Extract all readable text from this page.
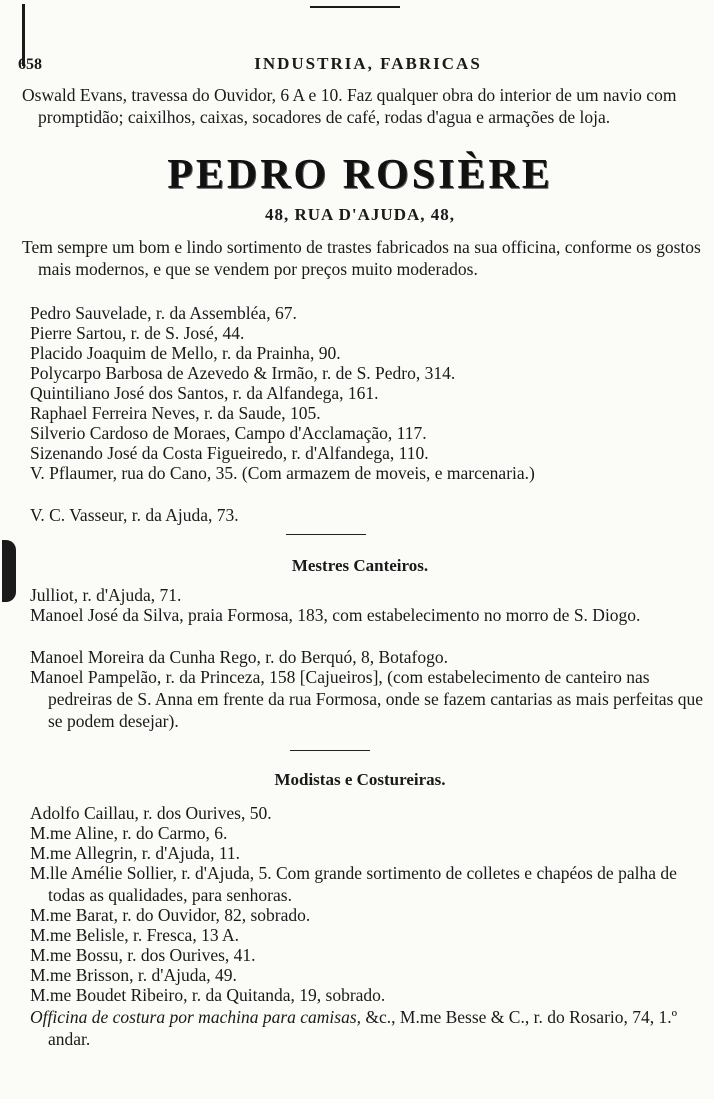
658	INDUSTRIA, FABRICAS
Oswald Evans, travessa do Ouvidor, 6 A e 10. Faz qualquer obra do interior de um navio com promptidão; caixilhos, caixas, socadores de café, rodas d'agua e armações de loja.
PEDRO ROSIÈRE
48, RUA D'AJUDA, 48,
Tem sempre um bom e lindo sortimento de trastes fabricados na sua officina, conforme os gostos mais modernos, e que se vendem por preços muito moderados.
Pedro Sauvelade, r. da Assembléa, 67.
Pierre Sartou, r. de S. José, 44.
Placido Joaquim de Mello, r. da Prainha, 90.
Polycarpo Barbosa de Azevedo & Irmão, r. de S. Pedro, 314.
Quintiliano José dos Santos, r. da Alfandega, 161.
Raphael Ferreira Neves, r. da Saude, 105.
Silverio Cardoso de Moraes, Campo d'Acclamação, 117.
Sizenando José da Costa Figueiredo, r. d'Alfandega, 110.
V. Pflaumer, rua do Cano, 35. (Com armazem de moveis, e marcenaria.)
V. C. Vasseur, r. da Ajuda, 73.
Mestres Canteiros.
Julliot, r. d'Ajuda, 71.
Manoel José da Silva, praia Formosa, 183, com estabelecimento no morro de S. Diogo.
Manoel Moreira da Cunha Rego, r. do Berquó, 8, Botafogo.
Manoel Pampelão, r. da Princeza, 158 [Cajueiros], (com estabelecimento de canteiro nas pedreiras de S. Anna em frente da rua Formosa, onde se fazem cantarias as mais perfeitas que se podem desejar).
Modistas e Costureiras.
Adolfo Caillau, r. dos Ourives, 50.
M.me Aline, r. do Carmo, 6.
M.me Allegrin, r. d'Ajuda, 11.
M.lle Amélie Sollier, r. d'Ajuda, 5. Com grande sortimento de colletes e chapéos de palha de todas as qualidades, para senhoras.
M.me Barat, r. do Ouvidor, 82, sobrado.
M.me Belisle, r. Fresca, 13 A.
M.me Bossu, r. dos Ourives, 41.
M.me Brisson, r. d'Ajuda, 49.
M.me Boudet Ribeiro, r. da Quitanda, 19, sobrado.
Officina de costura por machina para camisas, &c., M.me Besse & C., r. do Rosario, 74, 1.º andar.
